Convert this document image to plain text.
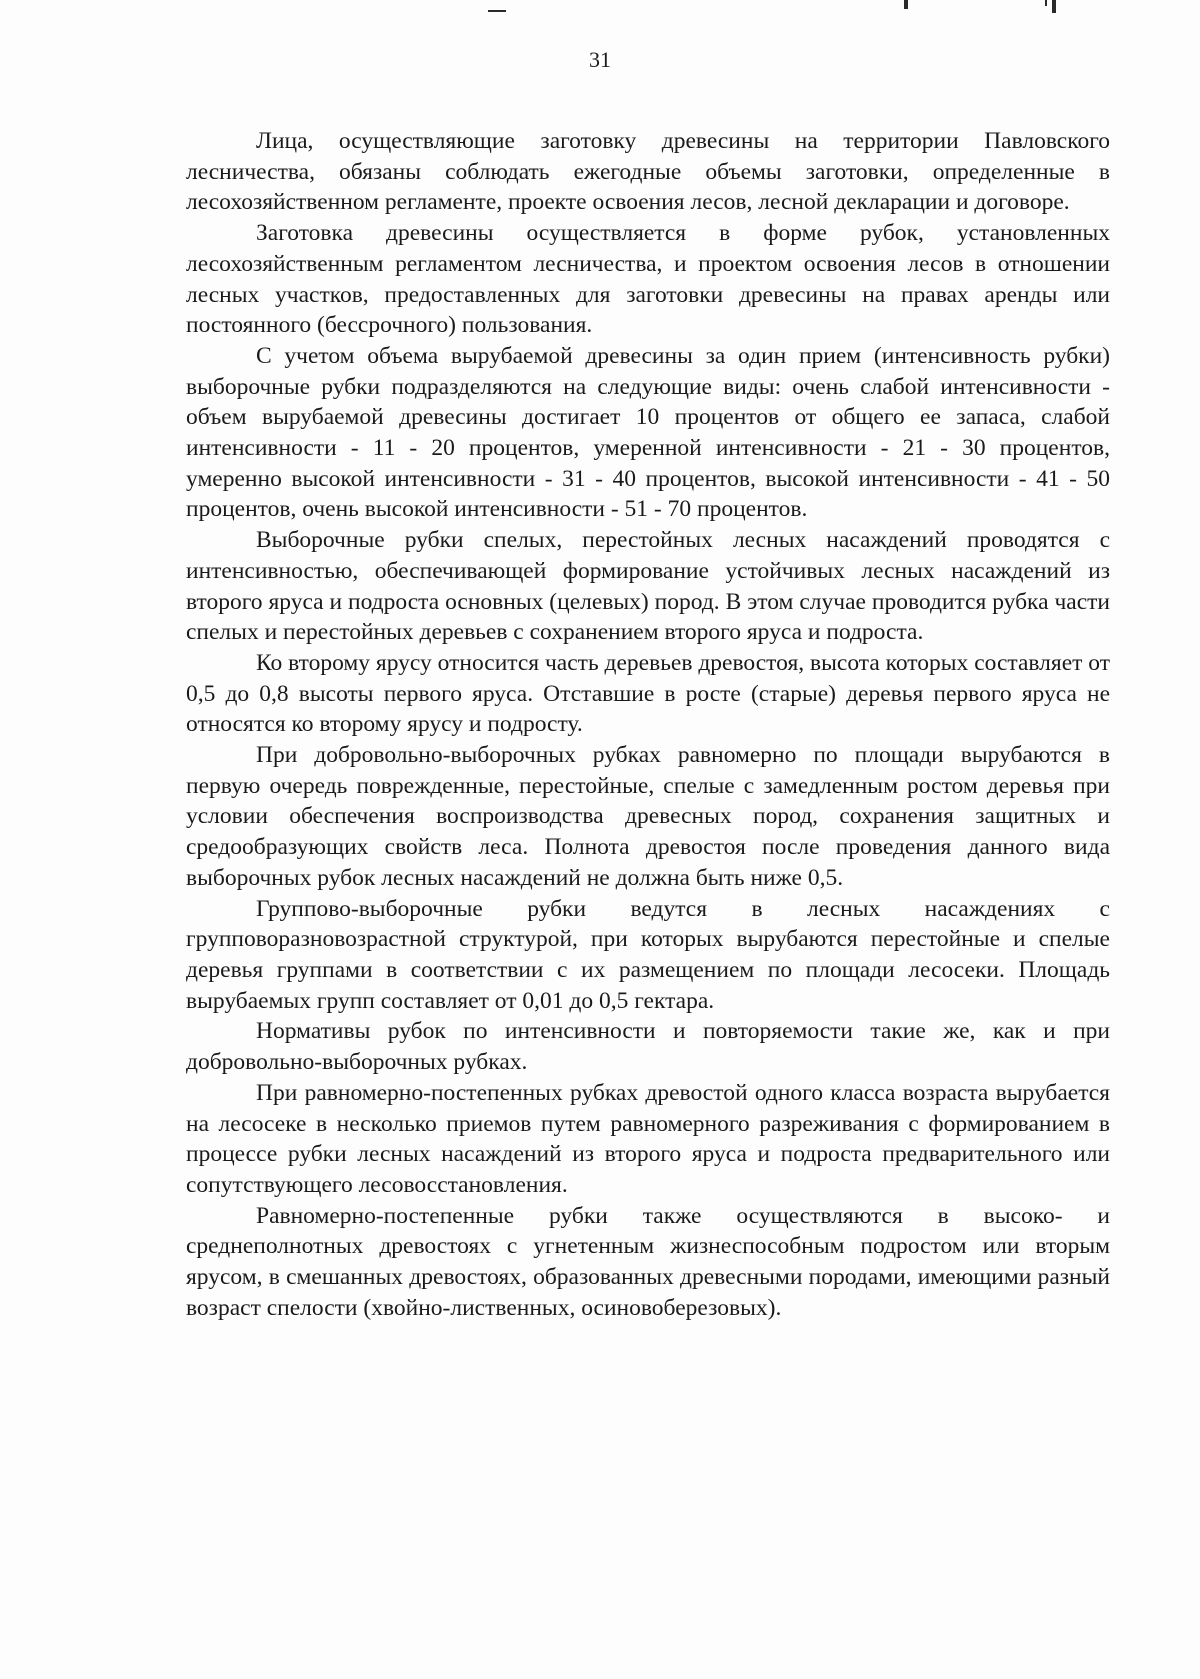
31

Лица, осуществляющие заготовку древесины на территории Павловского лесничества, обязаны соблюдать ежегодные объемы заготовки, определенные в лесохозяйственном регламенте, проекте освоения лесов, лесной декларации и договоре.

Заготовка древесины осуществляется в форме рубок, установленных лесохозяйственным регламентом лесничества, и проектом освоения лесов в отношении лесных участков, предоставленных для заготовки древесины на правах аренды или постоянного (бессрочного) пользования.

С учетом объема вырубаемой древесины за один прием (интенсивность рубки) выборочные рубки подразделяются на следующие виды: очень слабой интенсивности - объем вырубаемой древесины достигает 10 процентов от общего ее запаса, слабой интенсивности - 11 - 20 процентов, умеренной интенсивности - 21 - 30 процентов, умеренно высокой интенсивности - 31 - 40 процентов, высокой интенсивности - 41 - 50 процентов, очень высокой интенсивности - 51 - 70 процентов.

Выборочные рубки спелых, перестойных лесных насаждений проводятся с интенсивностью, обеспечивающей формирование устойчивых лесных насаждений из второго яруса и подроста основных (целевых) пород. В этом случае проводится рубка части спелых и перестойных деревьев с сохранением второго яруса и подроста.

Ко второму ярусу относится часть деревьев древостоя, высота которых составляет от 0,5 до 0,8 высоты первого яруса. Отставшие в росте (старые) деревья первого яруса не относятся ко второму ярусу и подросту.

При добровольно-выборочных рубках равномерно по площади вырубаются в первую очередь поврежденные, перестойные, спелые с замедленным ростом деревья при условии обеспечения воспроизводства древесных пород, сохранения защитных и средообразующих свойств леса. Полнота древостоя после проведения данного вида выборочных рубок лесных насаждений не должна быть ниже 0,5.

Группово-выборочные рубки ведутся в лесных насаждениях с групповоразновозрастной структурой, при которых вырубаются перестойные и спелые деревья группами в соответствии с их размещением по площади лесосеки. Площадь вырубаемых групп составляет от 0,01 до 0,5 гектара.

Нормативы рубок по интенсивности и повторяемости такие же, как и при добровольно-выборочных рубках.

При равномерно-постепенных рубках древостой одного класса возраста вырубается на лесосеке в несколько приемов путем равномерного разреживания с формированием в процессе рубки лесных насаждений из второго яруса и подроста предварительного или сопутствующего лесовосстановления.

Равномерно-постепенные рубки также осуществляются в высоко- и среднеполнотных древостоях с угнетенным жизнеспособным подростом или вторым ярусом, в смешанных древостоях, образованных древесными породами, имеющими разный возраст спелости (хвойно-лиственных, осиновоберезовых).
